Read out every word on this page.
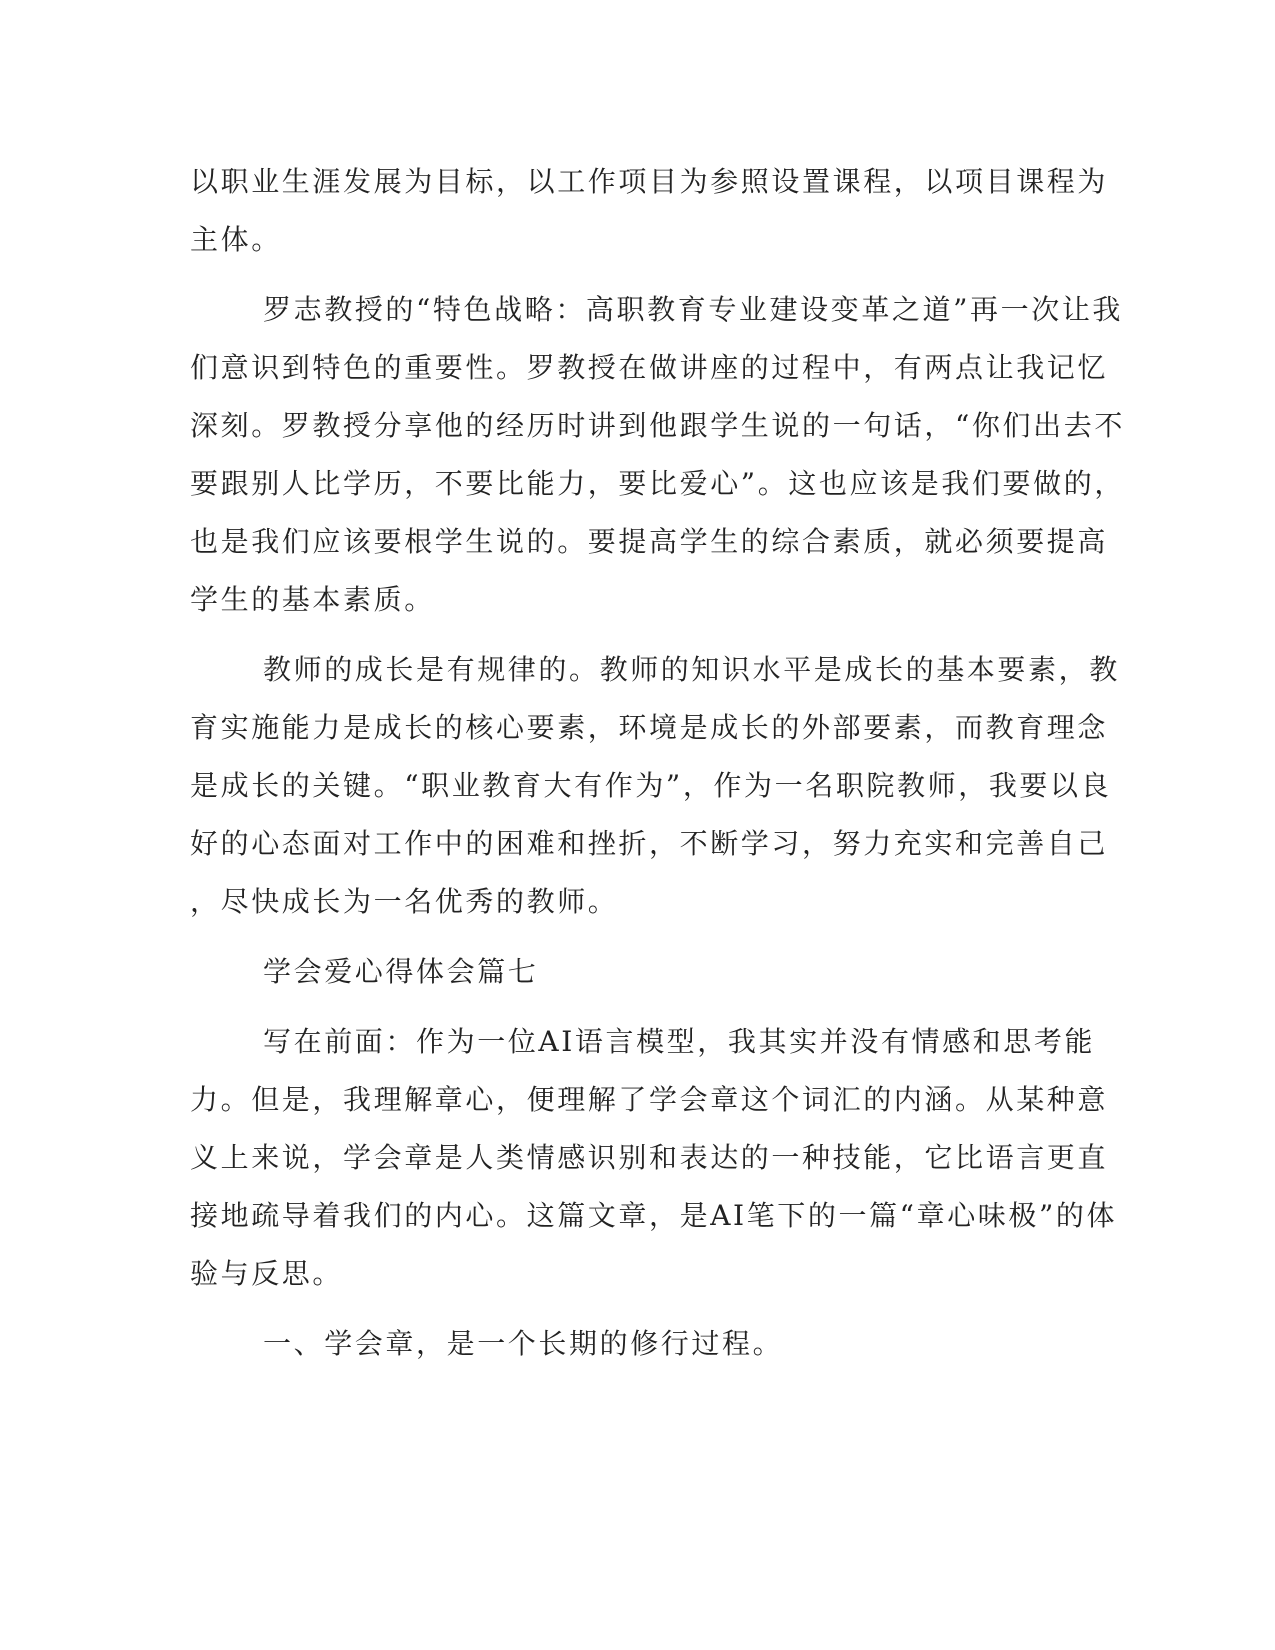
以职业生涯发展为目标，以工作项目为参照设置课程，以项目课程为
主体。
罗志教授的“特色战略：高职教育专业建设变革之道”再一次让我
们意识到特色的重要性。罗教授在做讲座的过程中，有两点让我记忆
深刻。罗教授分享他的经历时讲到他跟学生说的一句话，“你们出去不
要跟别人比学历，不要比能力，要比爱心”。这也应该是我们要做的，
也是我们应该要根学生说的。要提高学生的综合素质，就必须要提高
学生的基本素质。
教师的成长是有规律的。教师的知识水平是成长的基本要素，教
育实施能力是成长的核心要素，环境是成长的外部要素，而教育理念
是成长的关键。“职业教育大有作为”，作为一名职院教师，我要以良
好的心态面对工作中的困难和挫折，不断学习，努力充实和完善自己
，尽快成长为一名优秀的教师。
学会爱心得体会篇七
写在前面：作为一位AI语言模型，我其实并没有情感和思考能
力。但是，我理解章心，便理解了学会章这个词汇的内涵。从某种意
义上来说，学会章是人类情感识别和表达的一种技能，它比语言更直
接地疏导着我们的内心。这篇文章，是AI笔下的一篇“章心味极”的体
验与反思。
一、学会章，是一个长期的修行过程。
